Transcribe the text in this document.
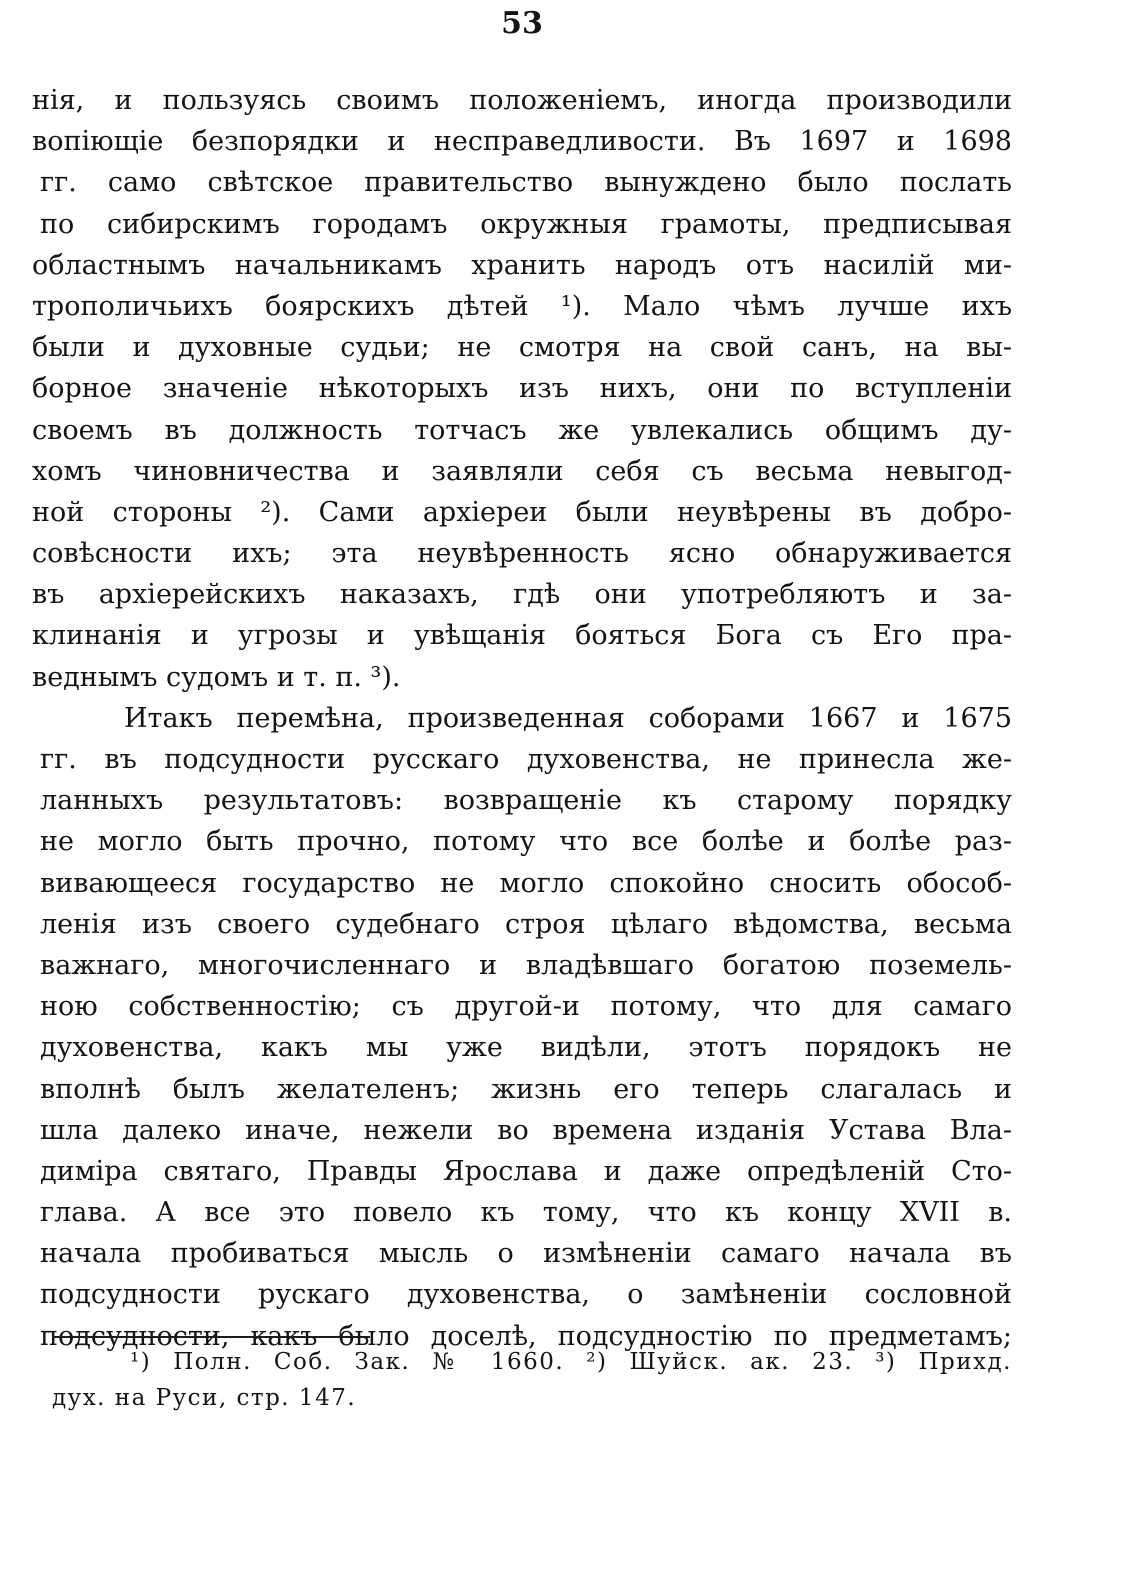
53
нія, и пользуясь своимъ положеніемъ, иногда производили
вопіющіе безпорядки и несправедливости. Въ 1697 и 1698
гг. само свѣтское правительство вынуждено было послать
по сибирскимъ городамъ окружныя грамоты, предписывая
областнымъ начальникамъ хранить народъ отъ насилій ми-
трополичьихъ боярскихъ дѣтей ¹). Мало чѣмъ лучше ихъ
были и духовные судьи; не смотря на свой санъ, на вы-
борное значеніе нѣкоторыхъ изъ нихъ, они по вступленіи
своемъ въ должность тотчасъ же увлекались общимъ ду-
хомъ чиновничества и заявляли себя съ весьма невыгод-
ной стороны ²). Сами архіереи были неувѣрены въ добро-
совѣсности ихъ; эта неувѣренность ясно обнаруживается
въ архіерейскихъ наказахъ, гдѣ они употребляютъ и за-
клинанія и угрозы и увѣщанія бояться Бога съ Его пра-
веднымъ судомъ и т. п. ³).
Итакъ перемѣна, произведенная соборами 1667 и 1675
гг. въ подсудности русскаго духовенства, не принесла же-
ланныхъ результатовъ: возвращеніе къ старому порядку
не могло быть прочно, потому что все болѣе и болѣе раз-
вивающееся государство не могло спокойно сносить обособ-
ленія изъ своего судебнаго строя цѣлаго вѣдомства, весьма
важнаго, многочисленнаго и владѣвшаго богатою поземель-
ною собственностію; съ другой-и потому, что для самаго
духовенства, какъ мы уже видѣли, этотъ порядокъ не
вполнѣ былъ желателенъ; жизнь его теперь слагалась и
шла далеко иначе, нежели во времена изданія Устава Вла-
диміра святаго, Правды Ярослава и даже опредѣленій Сто-
глава. А все это повело къ тому, что къ концу XVII в.
начала пробиваться мысль о измѣненіи самаго начала въ
подсудности рускаго духовенства, о замѣненіи сословной
подсудности, какъ было доселѣ, подсудностію по предметамъ;
¹) Полн. Соб. Зак. № 1660. ²) Шуйск. ак. 23. ³) Прихд.
дух. на Руси, стр. 147.
